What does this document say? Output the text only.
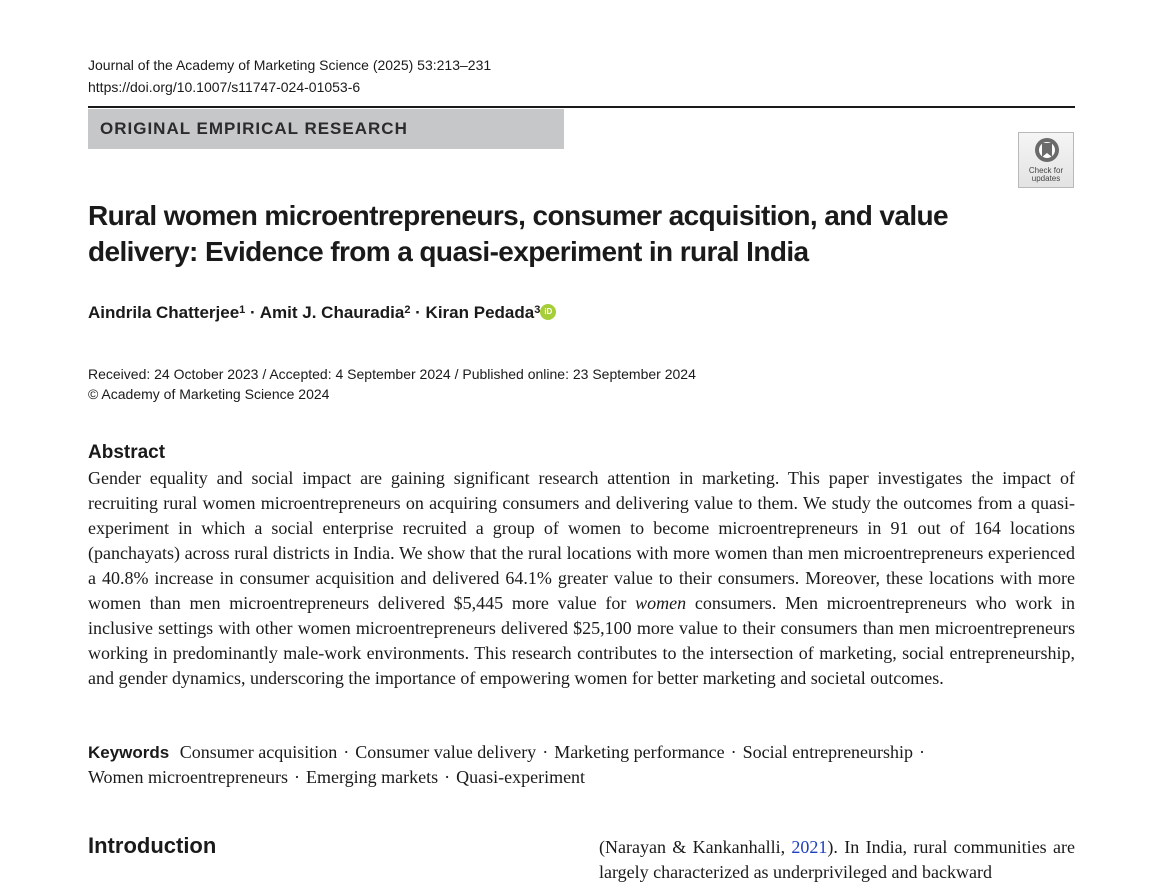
Journal of the Academy of Marketing Science (2025) 53:213–231
https://doi.org/10.1007/s11747-024-01053-6
ORIGINAL EMPIRICAL RESEARCH
Check for
updates
Rural women microentrepreneurs, consumer acquisition, and value
delivery: Evidence from a quasi-experiment in rural India
Aindrila Chatterjee$^1$ · Amit J. Chauradia$^2$ · Kiran Pedada$^3$ iD
Received: 24 October 2023 / Accepted: 4 September 2024 / Published online: 23 September 2024
© Academy of Marketing Science 2024
Abstract
Gender equality and social impact are gaining significant research attention in marketing. This paper investigates the impact of recruiting rural women microentrepreneurs on acquiring consumers and delivering value to them. We study the outcomes from a quasi-experiment in which a social enterprise recruited a group of women to become microentrepreneurs in 91 out of 164 locations (panchayats) across rural districts in India. We show that the rural locations with more women than men microentrepreneurs experienced a 40.8% increase in consumer acquisition and delivered 64.1% greater value to their consumers. Moreover, these locations with more women than men microentrepreneurs delivered $5,445 more value for women consumers. Men microentrepreneurs who work in inclusive settings with other women microentrepreneurs delivered $25,100 more value to their consumers than men microentrepreneurs working in predominantly male-work environments. This research contributes to the intersection of marketing, social entrepreneurship, and gender dynamics, underscoring the importance of empowering women for better marketing and societal outcomes.
Keywords Consumer acquisition · Consumer value delivery · Marketing performance · Social entrepreneurship ·
Women microentrepreneurs · Emerging markets · Quasi-experiment
Introduction	(Narayan & Kankanhalli, 2021). In India, rural communities are largely characterized as underprivileged and backward
